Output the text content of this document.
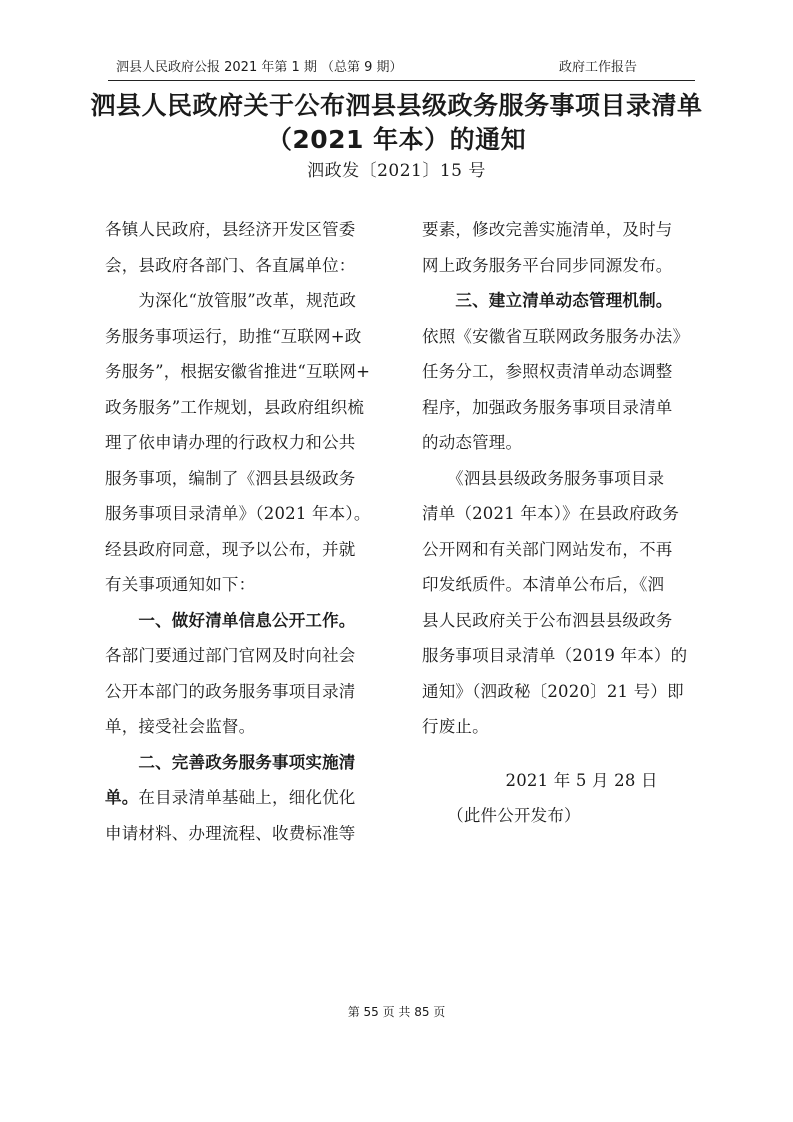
泗县人民政府公报 2021 年第 1 期 （总第 9 期）	政府工作报告
泗县人民政府关于公布泗县县级政务服务事项目录清单
（2021 年本）的通知
泗政发〔2021〕15 号
各镇人民政府，县经济开发区管委
会，县政府各部门、各直属单位：
　　为深化“放管服”改革，规范政
务服务事项运行，助推“互联网+政
务服务”，根据安徽省推进“互联网+
政务服务”工作规划，县政府组织梳
理了依申请办理的行政权力和公共
服务事项，编制了《泗县县级政务
服务事项目录清单》（2021 年本）。
经县政府同意，现予以公布，并就
有关事项通知如下：
　　一、做好清单信息公开工作。
各部门要通过部门官网及时向社会
公开本部门的政务服务事项目录清
单，接受社会监督。
　　二、完善政务服务事项实施清
单。在目录清单基础上，细化优化
申请材料、办理流程、收费标准等
要素，修改完善实施清单，及时与
网上政务服务平台同步同源发布。
　　三、建立清单动态管理机制。
依照《安徽省互联网政务服务办法》
任务分工，参照权责清单动态调整
程序，加强政务服务事项目录清单
的动态管理。
　　《泗县县级政务服务事项目录
清单（2021 年本）》在县政府政务
公开网和有关部门网站发布，不再
印发纸质件。本清单公布后，《泗
县人民政府关于公布泗县县级政务
服务事项目录清单（2019 年本）的
通知》（泗政秘〔2020〕21 号）即
行废止。
　　　　　2021 年 5 月 28 日
　　（此件公开发布）
第 55 页 共 85 页
